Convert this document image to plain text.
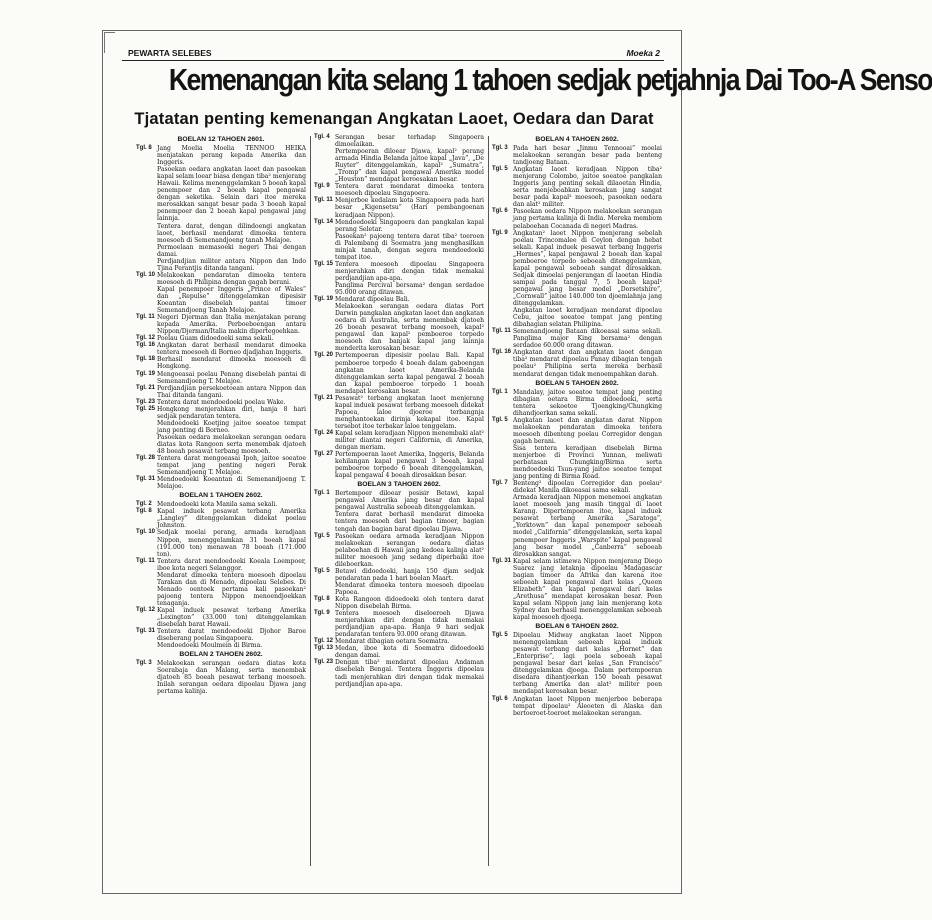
PEWARTA SELEBES	Moeka 2
Kemenangan kita selang 1 tahoen sedjak petjahnja Dai Too-A Senso
Tjatatan penting kemenangan Angkatan Laoet, Oedara dan Darat
BOELAN 12 TAHOEN 2601.
Tgl. 8 Jang Moelia Moelia TENNOO HEIKA menjatakan perang kepada Amerika dan Inggeris.
Pasoekan oedara angkatan laoet dan pasoekan kapal selam loear biasa dengan tiba² menjerang Hawaii. Kelima menenggelamkan 5 boeah kapal penempoer dan 2 boeah kapal pengawal dengan seketika. Selain dari itoe mereka merosakkan sangat besar pada 3 boeah kapal penempoer dan 2 boeah kapal pengawal jang lainnja.
Tentera darat, dengan dilindoengi angkatan laoet, berhasil mendarat dimoeka tentera moesoeh di Semenandjoeng tanah Melajoe.
Permoelaan memasoeki negeri Thai dengan damai.
Perdjandjian militer antara Nippon dan Indo Tjina Perantjis ditanda tangani.
Tgl. 10 Melakoekan pendaratan dimoeka tentera moesoeh di Philipina dengan gagah berani.
Kapal penempoer Inggeris „Prince of Wales” dan „Repulse” ditenggelamkan dipesisir Koeantan disebelah pantai timoer Semenandjoeng Tanah Melajoe.
Tgl. 11 Negeri Djerman dan Italia menjatakan perang kepada Amerika. Perboeboengan antara Nippon/Djerman/Italia makin dipertegoehkan.
Tgl. 12 Poelau Guam didoedoeki sama sekali.
Tgl. 16 Angkatan darat berhasil mendarat dimoeka tentera moesoeh di Borneo djadjahan Inggeris.
Tgl. 18 Berhasil mendarat dimoeka moesoeh di Hongkong.
Tgl. 19 Mengoeasai poelau Penang disebelah pantai di Semenandjoeng T. Melajoe.
Tgl. 21 Perdjandjian persekoetoean antara Nippon dan Thai ditanda tangani.
Tgl. 23 Tentera darat mendoedoeki poelau Wake.
Tgl. 25 Hongkong menjerahkan diri, hanja 8 hari sedjak pendaratan tentera.
Mendoedoeki Koetjing jaitoe soeatoe tempat jang penting di Borneo.
Pasoekan oedara melakoekan serangan oedara diatas kota Rangoon serta menembak djatoeh 48 boeah pesawat terbang moesoeh.
Tgl. 28 Tentera darat mengoeasai Ipoh, jaitoe soeatoe tempat jang penting negeri Perak Semenandjoeng T. Melajoe.
Tgl. 31 Mendoedoeki Koeantan di Semenandjoeng T. Melajoe.
BOELAN 1 TAHOEN 2602.
Tgl. 2 Mendoedoeki kota Manila sama sekali.
Tgl. 8 Kapal induek pesawat terbang Amerika „Langley” ditenggelamkan didekat poelau Johnston.
Tgl. 10 Sedjak moelai perang, armada keradjaan Nippon, menenggelamkan 31 boeah kapal (191.000 ton) menawan 78 boeah (171.000 ton).
Tgl. 11 Tentera darat mendoedoeki Koeala Loempoer, iboe kota negeri Selanggor.
Mendarat dimoeka tentera moesoeh dipoelau Tarakan dan di Menado, dipoelau Selebes. Di Menado oentoek pertama kali pasoekan² pajoeng tentera Nippon menoendjoekkan tenaganja.
Tgl. 12 Kapal induek pesawat terbang Amerika „Lexington” (33.000 ton) ditenggelamkan disebelah barat Hawaii.
Tgl. 31 Tentera darat mendoedoeki Djohor Baroe diseberang poelau Singapoera.
Mendoedoeki Moulmein di Birma.
BOELAN 2 TAHOEN 2602.
Tgl. 3 Melakoekan serangan oedara diatas kota Soerabaja dan Malang, serta menembak djatoeh 85 boeah pesawat terbang moesoeh. Inilah serangan oedara dipoelau Djawa jang pertama kalinja.
Tgl. 4 Serangan besar terhadap Singapoera dimoelaikan.
Pertempoeran diloear Djawa, kapal² perang armada Hindia Belanda jaitoe kapal „Java”, „De Ruyter” ditenggelamkan, kapal² „Sumatra”, „Tromp” dan kapal pengawal Amerika model „Houston” mendapat keroesakan besar.
Tgl. 9 Tentera darat mendarat dimoeka tentera moesoeh dipoelau Singapoera.
Tgl. 11 Menjerboe kedalam kota Singapoera pada hari besar „Kigensetsu” (Hari pembangoenan keradjaan Nippon).
Tgl. 14 Mendoedoeki Singapoera dan pangkalan kapal perang Seletar.
Pasoekan² pajoeng tentera darat tiba² toeroen di Palembang di Soematra jang menghasilkan minjak tanah, dengan segera mendoedoeki tempat itoe.
Tgl. 15 Tentera moesoeh dipoelau Singapoera menjerahkan diri dengan tidak memakai perdjandjian apa-apa.
Panglima Percival bersama² dengan serdadoe 95.000 orang ditawan.
Tgl. 19 Mendarat dipoelau Bali.
Melakoekan serangan oedara diatas Port Darwin pangkalan angkatan laoet dan angkatan oedara di Australia, serta menembak djatoeh 26 boeah pesawat terbang moesoeh, kapal² pengawal dan kapal² pemboeroe torpedo moesoeh dan banjak kapal jang lainnja menderita kerosakan besar.
Tgl. 20 Pertempoeran dipesisir poelau Bali. Kapal pemboeroe torpedo 4 boeah dalam gaboengan angkatan laoet Amerika-Belanda ditenggelamkan serta kapal pengawal 2 boeah dan kapal pemboeroe torpedo 1 boeah mendapat kerosakan besar.
Tgl. 21 Pesawat² terbang angkatan laoet menjerang kapal induek pesawat terbang moesoeh didekat Papoea, laloe djoeroe terbangnja menghantoekan dirinja kekapal itoe. Kapal tersebot itoe terbakar laloe tenggelam.
Tgl. 24 Kapal selam keradjaan Nippon menembaki alat² militer diantai negeri California, di Amerika, dengan meriam.
Tgl. 27 Pertempoeran laoet Amerika, Inggeris, Belanda kehilangan kapal pengawal 3 boeah, kapal pemboeroe torpedo 6 boeah ditenggelamkan, kapal pengawal 4 boeah dirosakkan besar.
BOELAN 3 TAHOEN 2602.
Tgl. 1 Bertempoer diloear pesisir Betawi, kapal pengawal Amerika jang besar dan kapal pengawal Australia seboeah ditenggelamkan.
Tentera darat berhasil mendarat dimoeka tentera moesoeh dari bagian timoer, bagian tengah dan bagian barat dipoelau Djawa.
Tgl. 5 Pasoekan oedara armada keradjaan Nippon melakoekan serangan oedara diatas pelaboehan di Hawaii jang kedoea kalinja alat² militer moesoeh jang sedang diperbaiki itoe dileboerkan.
Tgl. 5 Betawi didoedoeki, hanja 150 djam sedjak pendaratan pada 1 hari boelan Maart.
Mendarat dimoeka tentera moesoeh dipoelau Papoea.
Tgl. 8 Kota Rangoon didoedoeki oleh tentera darat Nippon disebelah Birma.
Tgl. 9 Tentera moesoeh diseloeroeh Djawa menjerahkan diri dengan tidak memakai perdjandjian apa-apa. Hanja 9 hari sedjak pendaratan tentera 93.000 orang ditawan.
Tgl. 12 Mendarat dibagian oetara Soematra.
Tgl. 13 Medan, iboe kota di Soematra didoedoeki dengan damai.
Tgl. 23 Dengan tiba² mendarat dipoelau Andaman disebelah Bengal. Tentera Inggeris dipoelau tadi menjerahkan diri dengan tidak memakai perdjandjian apa-apa.
BOELAN 4 TAHOEN 2602.
Tgl. 3 Pada hari besar „Jinmu Tennooai” moelai melakoekan serangan besar pada benteng tandjoeng Bataan.
Tgl. 5 Angkatan laoet keradjaan Nippon tiba² menjerang Colombo, jaitoe soeatoe pangkalan Inggeris jang penting sekali dilaoetan Hindia, serta menjeboabkan kerosakan jang sangat besar pada kapal² moesoeh, pasoekan oedara dan alat² militer.
Tgl. 6 Pasoekan oedara Nippon melakoekan serangan jang pertama kalinja di India. Mereka membom pelaboehan Cocanada di negeri Madras.
Tgl. 9 Angkatan² laoet Nippon menjerang sebelah poelau Trincomalee di Ceylon dengan hebat sekali. Kapal induek pesawat terbang Inggeris „Hermes”, kapal pengawal 2 boeah dan kapal pemboeroe torpedo seboeah ditenggelamkan, kapal pengawal seboeah sangat dirosakkan. Sedjak dimoelai penjerangan di laoetan Hindia sampai pada tanggal 7, 5 boeah kapal² pengawal jang besar model „Dorsetshire”, „Cornwall” jaitoe 140.000 ton djoemlahnja jang ditenggelamkan.
Angkatan laoet keradjaan mendarat dipoelau Cebu, jaitoe soeatoe tempat jang penting dibahagian selatan Philipina.
Tgl. 11 Semenandjoeng Bataan dikoeasai sama sekali. Panglima major King bersama² dengan serdadoe 60.000 orang ditawan.
Tgl. 16 Angkatan darat dan angkatan laoet dengan tiba² mendarat dipoelau Panay dibagian tengah poelau² Philipina serta mereka berhasil mendarat dengan tidak menoempahkan darah.
BOELAN 5 TAHOEN 2602.
Tgl. 1 Mandalay, jaitoe soeatoe tempat jang penting dibagian oetara Birma didoedoeki, serta tentera sekoetoe Tjoengking/Chungking dihandjoerkan sama sekali.
Tgl. 5 Angkatan laoet dan angkatan darat Nippon melakoekan pendaratan dimoeka tentera moesoeh dibenteng poelau Corregidor dengan gagah berani.
Sisa tentera keradjaan disebelah Birma menjerboe di Provinci Yunnan, meliwati perbatasan Chungking/Birma serta mendoedoeki Tsun-yang jaitoe soeatoe tempat jang penting di Birma Road.
Tgl. 7 Benteng² dipoelau Corregidor dan poelau² didekat Manila dikoeasai sama sekali.
Armada keradjaan Nippon menemoei angkatan laoet moesoeh jang masih tinggal di laoet Karang. Dipertempoeran itoe, kapal induek pesawat terbang Amerika „Saratoga”, „Yorktown” dan kapal penempoer seboeah model „California” ditenggelamkan, serta kapal penempoer Inggeris „Warspite” kapal pengawal jang besar model „Canberra” seboeah dirosakkan sangat.
Tgl. 31 Kapal selam istimewa Nippon menjerang Diego Suarez jang letaknja dipoelau Madagascar bagian timoer da Afrika dan karena itoe seboeah kapal pengawal dari kelas „Queen Elizabeth” dan kapal pengawal dari kelas „Arethusa” mendapat kerosakan besar. Poen kapal selam Nippon jang lain menjerang kota Sydney dan berhasil menenggelamkan seboeah kapal moesoeh djoega.
BOELAN 6 TAHOEN 2602.
Tgl. 5 Dipoelau Midway angkatan laoet Nippon menenggelamkan seboeah kapal induek pesawat terbang dari kelas „Hornet” dan „Enterprise”, lagi poela seboeah kapal pengawal besar dari kelas „San Francisco” ditenggelamkan djoega. Dalam pertempoeran disedara dihantjoerkan 150 boeah pesawat terbang Amerika dan alat² militer poen mendapat kerosakan besar.
Tgl. 6 Angkatan laoet Nippon menjerboe beberapa tempat dipoelau² Aleoeten di Alaska dan bertoeroet-toeroet melakoekan serangan.
